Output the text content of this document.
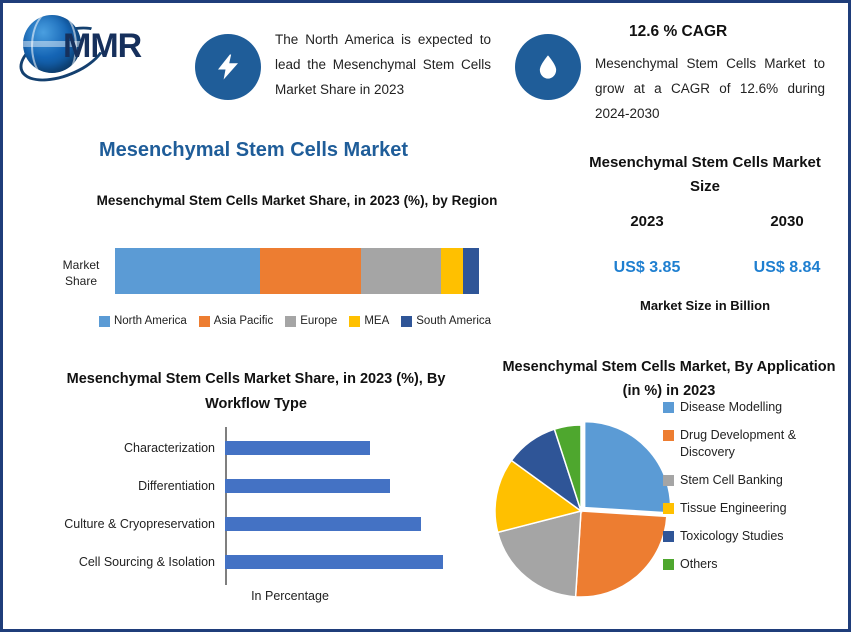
MMR	The North America is expected to lead the Mesenchymal Stem Cells Market Share in 2023
12.6 % CAGR
Mesenchymal Stem Cells Market to grow at a CAGR of 12.6% during 2024-2030
Mesenchymal Stem Cells Market
Mesenchymal Stem Cells Market Share, in 2023 (%), by Region
Market Share
North America Asia Pacific Europe MEA South America
Mesenchymal Stem Cells Market Size
2023	2030
US$ 3.85	US$ 8.84
Market Size in Billion
Mesenchymal Stem Cells Market Share, in 2023 (%), By Workflow Type
Characterization
Differentiation
Culture & Cryopreservation
Cell Sourcing & Isolation
In Percentage
Mesenchymal Stem Cells Market, By Application (in %) in 2023
Disease Modelling
Drug Development & Discovery
Stem Cell Banking
Tissue Engineering
Toxicology Studies
Others
